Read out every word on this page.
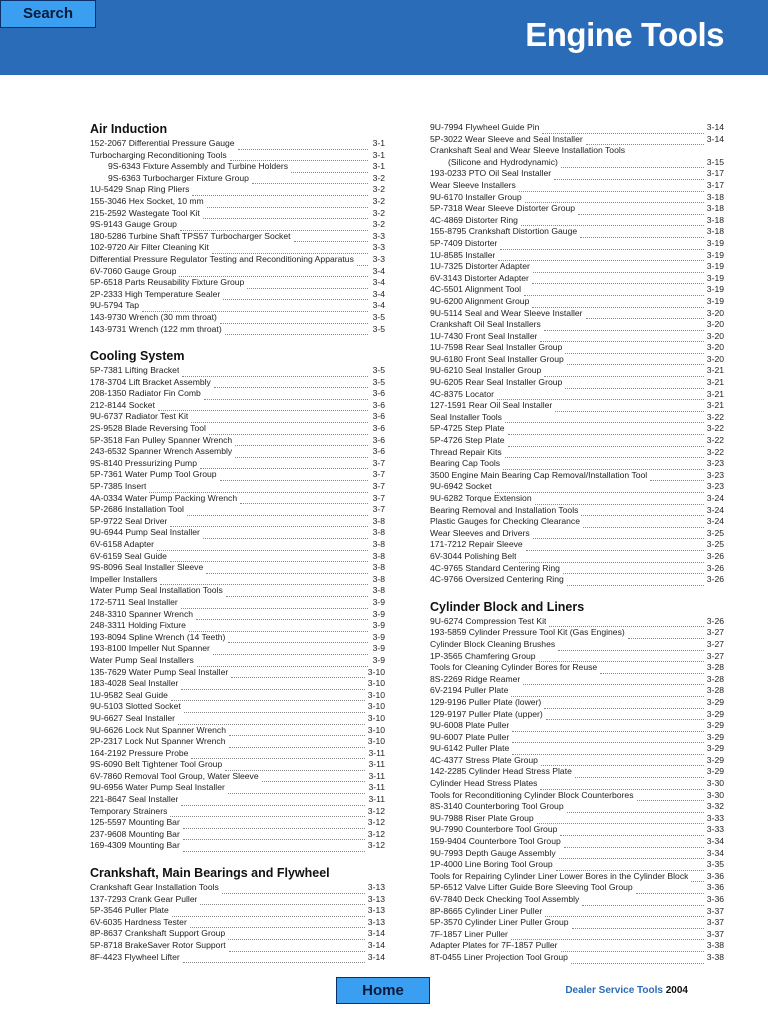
Search
Engine Tools
Air Induction
152-2067 Differential Pressure Gauge	3-1
Turbocharging Reconditioning Tools	3-1
9S-6343 Fixture Assembly and Turbine Holders	3-1
9S-6363 Turbocharger Fixture Group	3-2
1U-5429 Snap Ring Pliers	3-2
155-3046 Hex Socket, 10 mm	3-2
215-2592 Wastegate Tool Kit	3-2
9S-9143 Gauge Group	3-2
180-5286 Turbine Shaft TPS57 Turbocharger Socket	3-3
102-9720 Air Filter Cleaning Kit	3-3
Differential Pressure Regulator Testing and Reconditioning Apparatus 3-3
6V-7060 Gauge Group	3-4
5P-6518 Parts Reusability Fixture Group	3-4
2P-2333 High Temperature Sealer	3-4
9U-5794 Tap	3-4
143-9730 Wrench (30 mm throat)	3-5
143-9731 Wrench (122 mm throat)	3-5
Cooling System
5P-7381 Lifting Bracket	3-5
178-3704 Lift Bracket Assembly	3-5
208-1350 Radiator Fin Comb	3-6
212-8144 Socket	3-6
9U-6737 Radiator Test Kit	3-6
2S-9528 Blade Reversing Tool	3-6
5P-3518 Fan Pulley Spanner Wrench	3-6
243-6532 Spanner Wrench Assembly	3-6
9S-8140 Pressurizing Pump	3-7
5P-7361 Water Pump Tool Group	3-7
5P-7385 Insert	3-7
4A-0334 Water Pump Packing Wrench	3-7
5P-2686 Installation Tool	3-7
5P-9722 Seal Driver	3-8
9U-6944 Pump Seal Installer	3-8
6V-6158 Adapter	3-8
6V-6159 Seal Guide	3-8
9S-8096 Seal Installer Sleeve	3-8
Impeller Installers	3-8
Water Pump Seal Installation Tools	3-8
172-5711 Seal Installer	3-9
248-3310 Spanner Wrench	3-9
248-3311 Holding Fixture	3-9
193-8094 Spline Wrench (14 Teeth)	3-9
193-8100 Impeller Nut Spanner	3-9
Water Pump Seal Installers	3-9
135-7629 Water Pump Seal Installer	3-10
183-4028 Seal Installer	3-10
1U-9582 Seal Guide	3-10
9U-5103 Slotted Socket	3-10
9U-6627 Seal Installer	3-10
9U-6626 Lock Nut Spanner Wrench	3-10
2P-2317 Lock Nut Spanner Wrench	3-10
164-2192 Pressure Probe	3-11
9S-6090 Belt Tightener Tool Group	3-11
6V-7860 Removal Tool Group, Water Sleeve	3-11
9U-6956 Water Pump Seal Installer	3-11
221-8647 Seal Installer	3-11
Temporary Strainers	3-12
125-5597 Mounting Bar	3-12
237-9608 Mounting Bar	3-12
169-4309 Mounting Bar	3-12
Crankshaft, Main Bearings and Flywheel
Crankshaft Gear Installation Tools	3-13
137-7293 Crank Gear Puller	3-13
5P-3546 Puller Plate	3-13
6V-6035 Hardness Tester	3-13
8P-8637 Crankshaft Support Group	3-14
5P-8718 BrakeSaver Rotor Support	3-14
8F-4423 Flywheel Lifter	3-14
9U-7994 Flywheel Guide Pin	3-14
5P-3022 Wear Sleeve and Seal Installer	3-14
Crankshaft Seal and Wear Sleeve Installation Tools
(Silicone and Hydrodynamic)	3-15
193-0233 PTO Oil Seal Installer	3-17
Wear Sleeve Installers	3-17
9U-6170 Installer Group	3-18
5P-7318 Wear Sleeve Distorter Group	3-18
4C-4869 Distorter Ring	3-18
155-8795 Crankshaft Distortion Gauge	3-18
5P-7409 Distorter	3-19
1U-8585 Installer	3-19
1U-7325 Distorter Adapter	3-19
6V-3143 Distorter Adapter	3-19
4C-5501 Alignment Tool	3-19
9U-6200 Alignment Group	3-19
9U-5114 Seal and Wear Sleeve Installer	3-20
Crankshaft Oil Seal Installers	3-20
1U-7430 Front Seal Installer	3-20
1U-7598 Rear Seal Installer Group	3-20
9U-6180 Front Seal Installer Group	3-20
9U-6210 Seal Installer Group	3-21
9U-6205 Rear Seal Installer Group	3-21
4C-8375 Locator	3-21
127-1591 Rear Oil Seal Installer	3-21
Seal Installer Tools	3-22
5P-4725 Step Plate	3-22
5P-4726 Step Plate	3-22
Thread Repair Kits	3-22
Bearing Cap Tools	3-23
3500 Engine Main Bearing Cap Removal/Installation Tool	3-23
9U-6942 Socket	3-23
9U-6282 Torque Extension	3-24
Bearing Removal and Installation Tools	3-24
Plastic Gauges for Checking Clearance	3-24
Wear Sleeves and Drivers	3-25
171-7212 Repair Sleeve	3-25
6V-3044 Polishing Belt	3-26
4C-9765 Standard Centering Ring	3-26
4C-9766 Oversized Centering Ring	3-26
Cylinder Block and Liners
9U-6274 Compression Test Kit	3-26
193-5859 Cylinder Pressure Tool Kit (Gas Engines)	3-27
Cylinder Block Cleaning Brushes	3-27
1P-3565 Chamfering Group	3-27
Tools for Cleaning Cylinder Bores for Reuse	3-28
8S-2269 Ridge Reamer	3-28
6V-2194 Puller Plate	3-28
129-9196 Puller Plate (lower)	3-29
129-9197 Puller Plate (upper)	3-29
9U-6008 Plate Puller	3-29
9U-6007 Plate Puller	3-29
9U-6142 Puller Plate	3-29
4C-4377 Stress Plate Group	3-29
142-2285 Cylinder Head Stress Plate	3-29
Cylinder Head Stress Plates	3-30
Tools for Reconditioning Cylinder Block Counterbores	3-30
8S-3140 Counterboring Tool Group	3-32
9U-7988 Riser Plate Group	3-33
9U-7990 Counterbore Tool Group	3-33
159-9404 Counterbore Tool Group	3-34
9U-7993 Depth Gauge Assembly	3-34
1P-4000 Line Boring Tool Group	3-35
Tools for Repairing Cylinder Liner Lower Bores in the Cylinder Block 3-36
5P-6512 Valve Lifter Guide Bore Sleeving Tool Group	3-36
6V-7840 Deck Checking Tool Assembly	3-36
8P-8665 Cylinder Liner Puller	3-37
5P-3570 Cylinder Liner Puller Group	3-37
7F-1857 Liner Puller	3-37
Adapter Plates for 7F-1857 Puller	3-38
8T-0455 Liner Projection Tool Group	3-38
Home	Dealer Service Tools 2004
